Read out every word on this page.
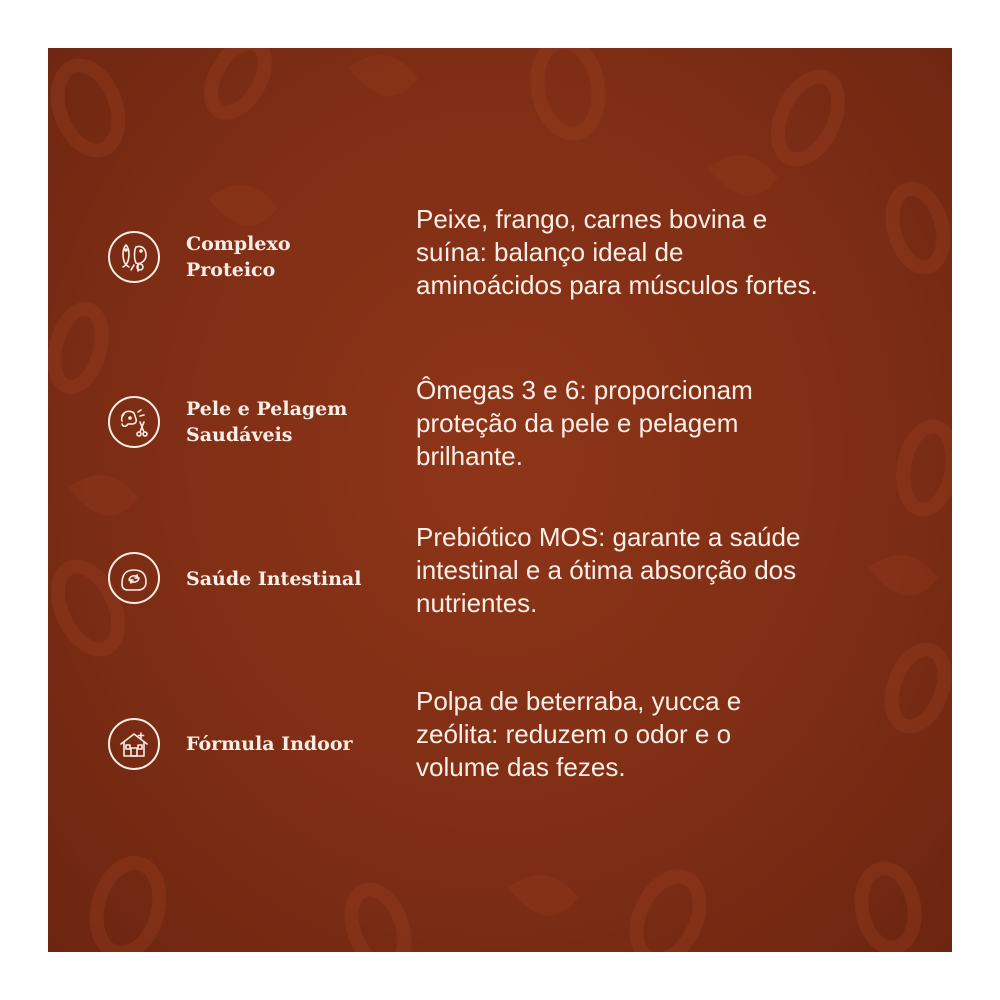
Complexo
Proteico
Peixe, frango, carnes bovina e
suína: balanço ideal de
aminoácidos para músculos fortes.
Pele e Pelagem
Saudáveis
Ômegas 3 e 6: proporcionam
proteção da pele e pelagem
brilhante.
Saúde Intestinal
Prebiótico MOS: garante a saúde
intestinal e a ótima absorção dos
nutrientes.
Fórmula Indoor
Polpa de beterraba, yucca e
zeólita: reduzem o odor e o
volume das fezes.
